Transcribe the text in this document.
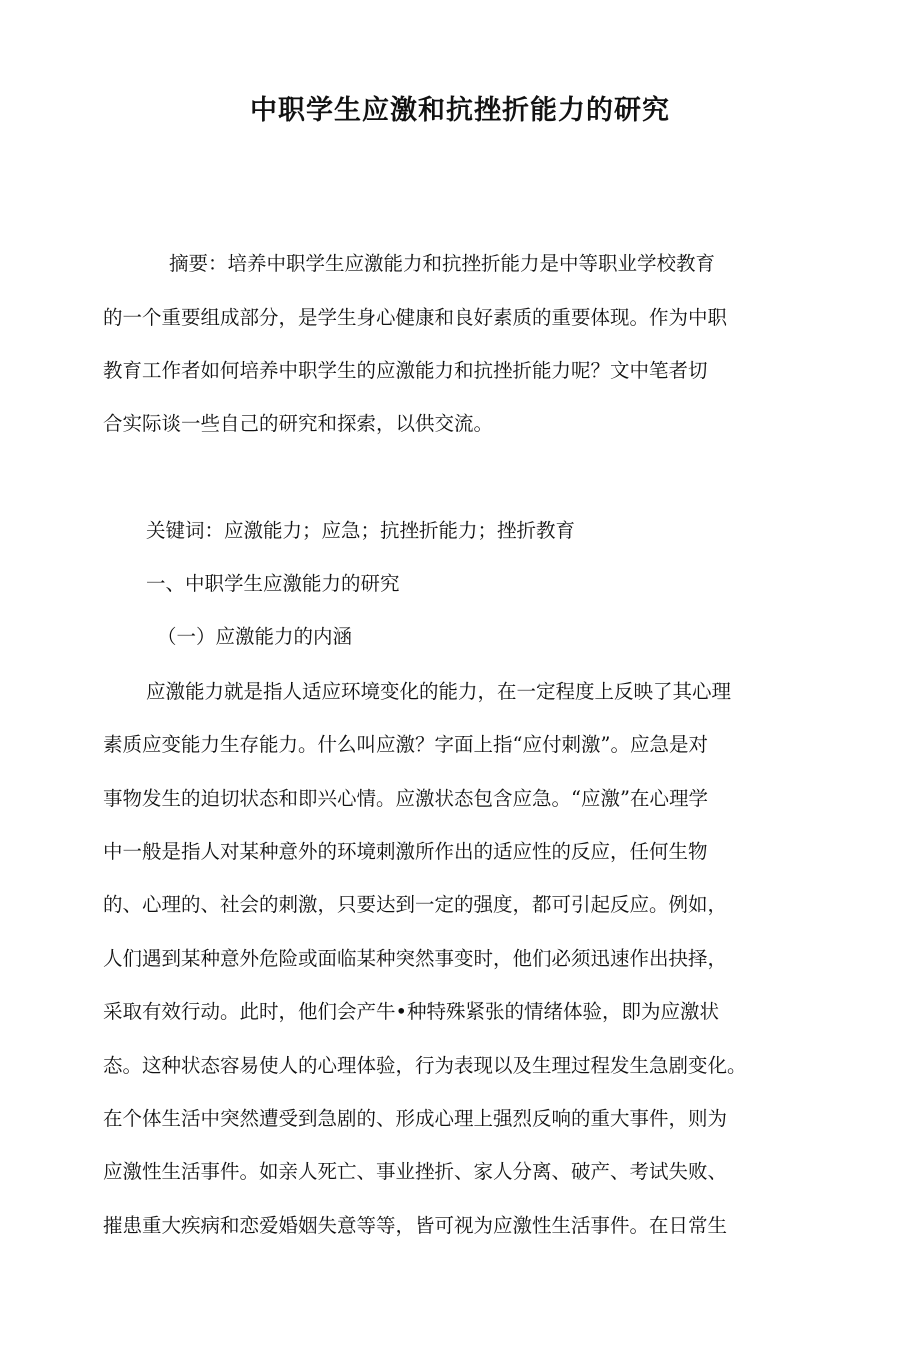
中职学生应激和抗挫折能力的研究
摘要：培养中职学生应激能力和抗挫折能力是中等职业学校教育
的一个重要组成部分，是学生身心健康和良好素质的重要体现。作为中职
教育工作者如何培养中职学生的应激能力和抗挫折能力呢？文中笔者切
合实际谈一些自己的研究和探索，以供交流。
关键词：应激能力；应急；抗挫折能力；挫折教育
一、中职学生应激能力的研究
（一）应激能力的内涵
应激能力就是指人适应环境变化的能力，在一定程度上反映了其心理
素质应变能力生存能力。什么叫应激？字面上指“应付刺激”。应急是对
事物发生的迫切状态和即兴心情。应激状态包含应急。“应激”在心理学
中一般是指人对某种意外的环境刺激所作出的适应性的反应，任何生物
的、心理的、社会的刺激，只要达到一定的强度，都可引起反应。例如，
人们遇到某种意外危险或面临某种突然事变时，他们必须迅速作出抉择，
采取有效行动。此时，他们会产牛•种特殊紧张的情绪体验，即为应激状
态。这种状态容易使人的心理体验，行为表现以及生理过程发生急剧变化。
在个体生活中突然遭受到急剧的、形成心理上强烈反响的重大事件，则为
应激性生活事件。如亲人死亡、事业挫折、家人分离、破产、考试失败、
摧患重大疾病和恋爱婚姻失意等等，皆可视为应激性生活事件。在日常生
